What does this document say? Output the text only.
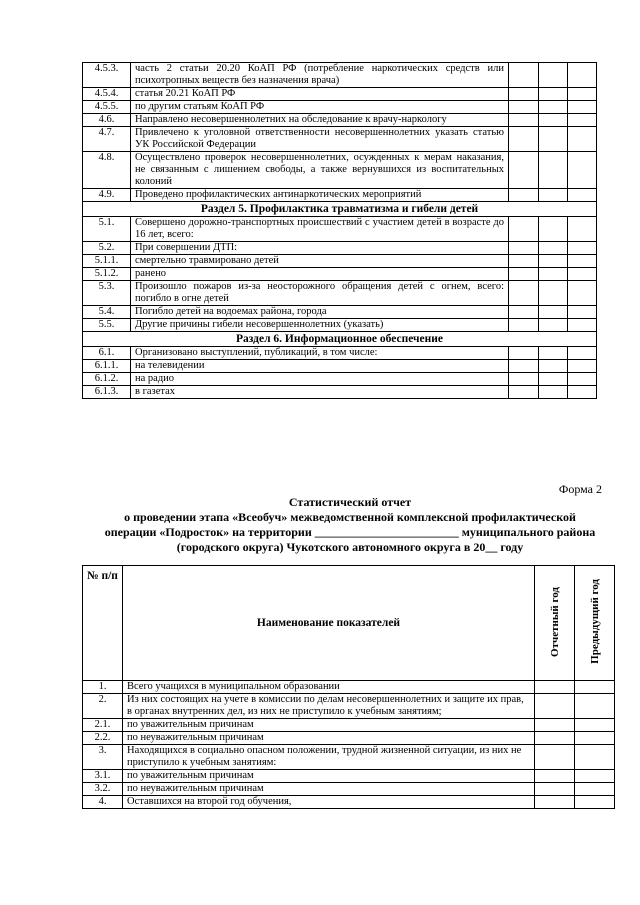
4.5.3.	часть 2 статьи 20.20 КоАП РФ (потребление наркотических средств или психотропных веществ без назначения врача)			
4.5.4.	статья 20.21 КоАП РФ			
4.5.5.	по другим статьям КоАП РФ			
4.6.	Направлено несовершеннолетних на обследование к врачу-наркологу			
4.7.	Привлечено к уголовной ответственности несовершеннолетних указать статью УК Российской Федерации			
4.8.	Осуществлено проверок несовершеннолетних, осужденных к мерам наказания, не связанным с лишением свободы, а также вернувшихся из воспитательных колоний			
4.9.	Проведено профилактических антинаркотических мероприятий			
Раздел 5. Профилактика травматизма и гибели детей				
5.1.	Совершено дорожно-транспортных происшествий с участием детей в возрасте до 16 лет, всего:			
5.2.	При совершении ДТП:			
5.1.1.	смертельно травмировано детей			
5.1.2.	ранено			
5.3.	Произошло пожаров из-за неосторожного обращения детей с огнем, всего: погибло в огне детей			
5.4.	Погибло детей на водоемах района, города			
5.5.	Другие причины гибели несовершеннолетних (указать)			
Раздел 6. Информационное обеспечение				
6.1.	Организовано выступлений, публикаций, в том числе:			
6.1.1.	на телевидении			
6.1.2.	на радио			
6.1.3.	в газетах			
Форма 2
Статистический отчет
о проведении этапа «Всеобуч» межведомственной комплексной профилактической
операции «Подросток» на территории ________________________ муниципального района
(городского округа) Чукотского автономного округа в 20__ году
№ п/п	Наименование показателей	Отчетный год	Предыдущий год
1.	Всего учащихся в муниципальном образовании		
2.	Из них состоящих на учете в комиссии по делам несовершеннолетних и защите их прав, в органах внутренних дел, из них не приступило к учебным занятиям;		
2.1.	по уважительным причинам		
2.2.	по неуважительным причинам		
3.	Находящихся в социально опасном положении, трудной жизненной ситуации, из них не приступило к учебным занятиям:		
3.1.	по уважительным причинам		
3.2.	по неуважительным причинам		
4.	Оставшихся на второй год обучения,		
